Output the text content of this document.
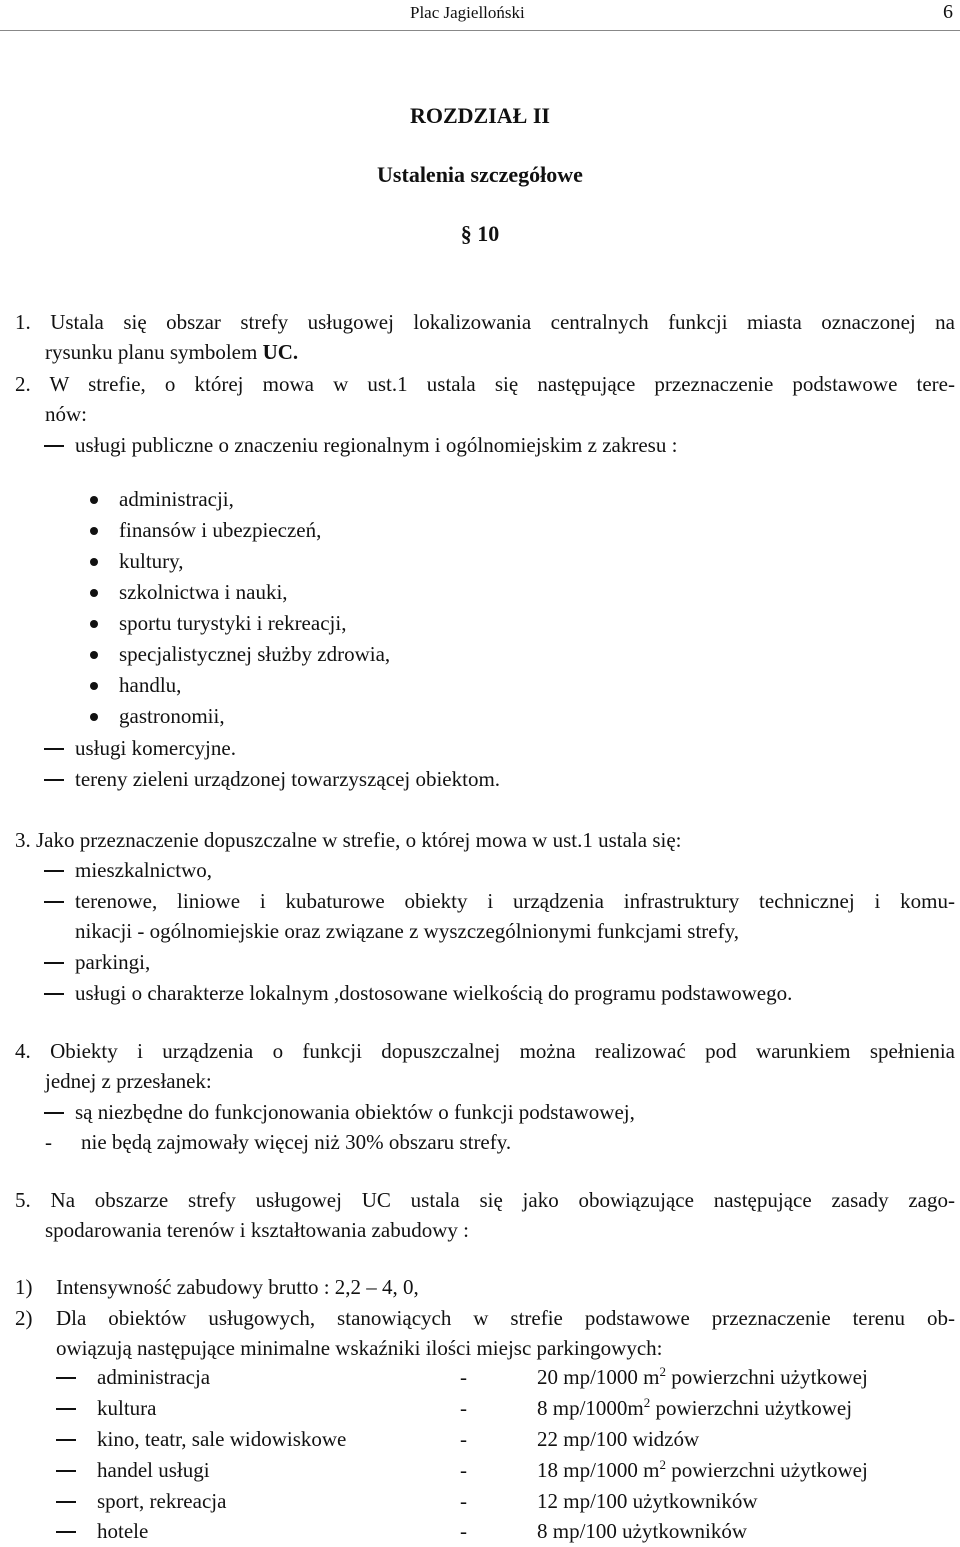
Plac Jagielloński	6
ROZDZIAŁ II
Ustalenia szczegółowe
§ 10
1. Ustala się obszar strefy usługowej lokalizowania centralnych funkcji miasta oznaczonej na
rysunku planu symbolem UC.
2. W strefie, o której mowa w ust.1 ustala się następujące przeznaczenie podstawowe tere-
nów:
usługi publiczne o znaczeniu regionalnym i ogólnomiejskim z zakresu :
administracji,
finansów i ubezpieczeń,
kultury,
szkolnictwa i nauki,
sportu turystyki i rekreacji,
specjalistycznej służby zdrowia,
handlu,
gastronomii,
usługi komercyjne.
tereny zieleni urządzonej towarzyszącej obiektom.
3. Jako przeznaczenie dopuszczalne w strefie, o której mowa w ust.1 ustala się:
mieszkalnictwo,
terenowe, liniowe i kubaturowe obiekty i urządzenia infrastruktury technicznej i komu-
nikacji - ogólnomiejskie oraz związane z wyszczególnionymi funkcjami strefy,
parkingi,
usługi o charakterze lokalnym ,dostosowane wielkością do programu podstawowego.
4. Obiekty i urządzenia o funkcji dopuszczalnej można realizować pod warunkiem spełnienia
jednej z przesłanek:
są niezbędne do funkcjonowania obiektów o funkcji podstawowej,
- nie będą zajmowały więcej niż 30% obszaru strefy.
5. Na obszarze strefy usługowej UC ustala się jako obowiązujące następujące zasady zago-
spodarowania terenów i kształtowania zabudowy :
1) Intensywność zabudowy brutto : 2,2 – 4, 0,
2) Dla obiektów usługowych, stanowiących w strefie podstawowe przeznaczenie terenu ob-
owiązują następujące minimalne wskaźniki ilości miejsc parkingowych:
administracja	-	20 mp/1000 $m^2$ powierzchni użytkowej
kultura	-	8 $mp/1000m^2$ powierzchni użytkowej
kino, teatr, sale widowiskowe	-	22 mp/100 widzów
handel usługi	-	18 mp/1000 $m^2$ powierzchni użytkowej
sport, rekreacja	-	12 mp/100 użytkowników
hotele	-	8 mp/100 użytkowników
